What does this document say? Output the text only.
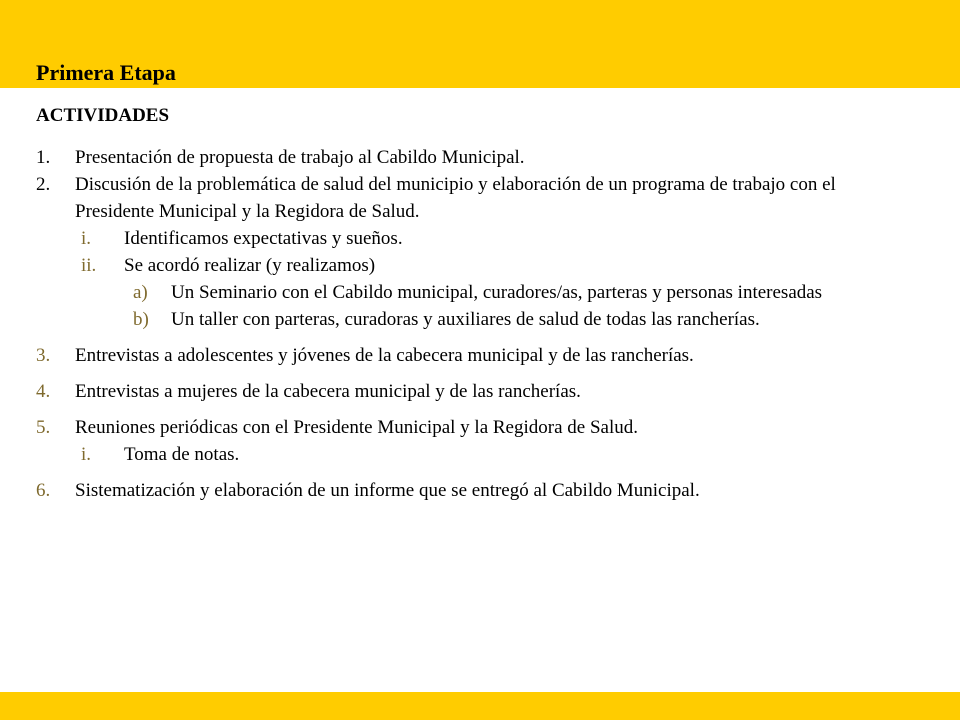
Primera Etapa
ACTIVIDADES
1.	Presentación de propuesta de trabajo al Cabildo Municipal.
2.	Discusión de la problemática de salud del municipio y elaboración de un programa de trabajo con el Presidente Municipal y la Regidora de Salud.
i.	Identificamos expectativas y sueños.
ii.	Se acordó realizar (y realizamos)
a)	Un Seminario con el Cabildo municipal, curadores/as, parteras y personas interesadas
b)	Un taller con parteras, curadoras y auxiliares de salud de todas las rancherías.
3.	Entrevistas a adolescentes y jóvenes de la cabecera municipal y de las rancherías.
4.	Entrevistas a mujeres de la cabecera municipal y de las rancherías.
5.	Reuniones periódicas con el Presidente Municipal y la Regidora de Salud.
i.	Toma de notas.
6.	Sistematización y elaboración de un informe que se entregó al Cabildo Municipal.
